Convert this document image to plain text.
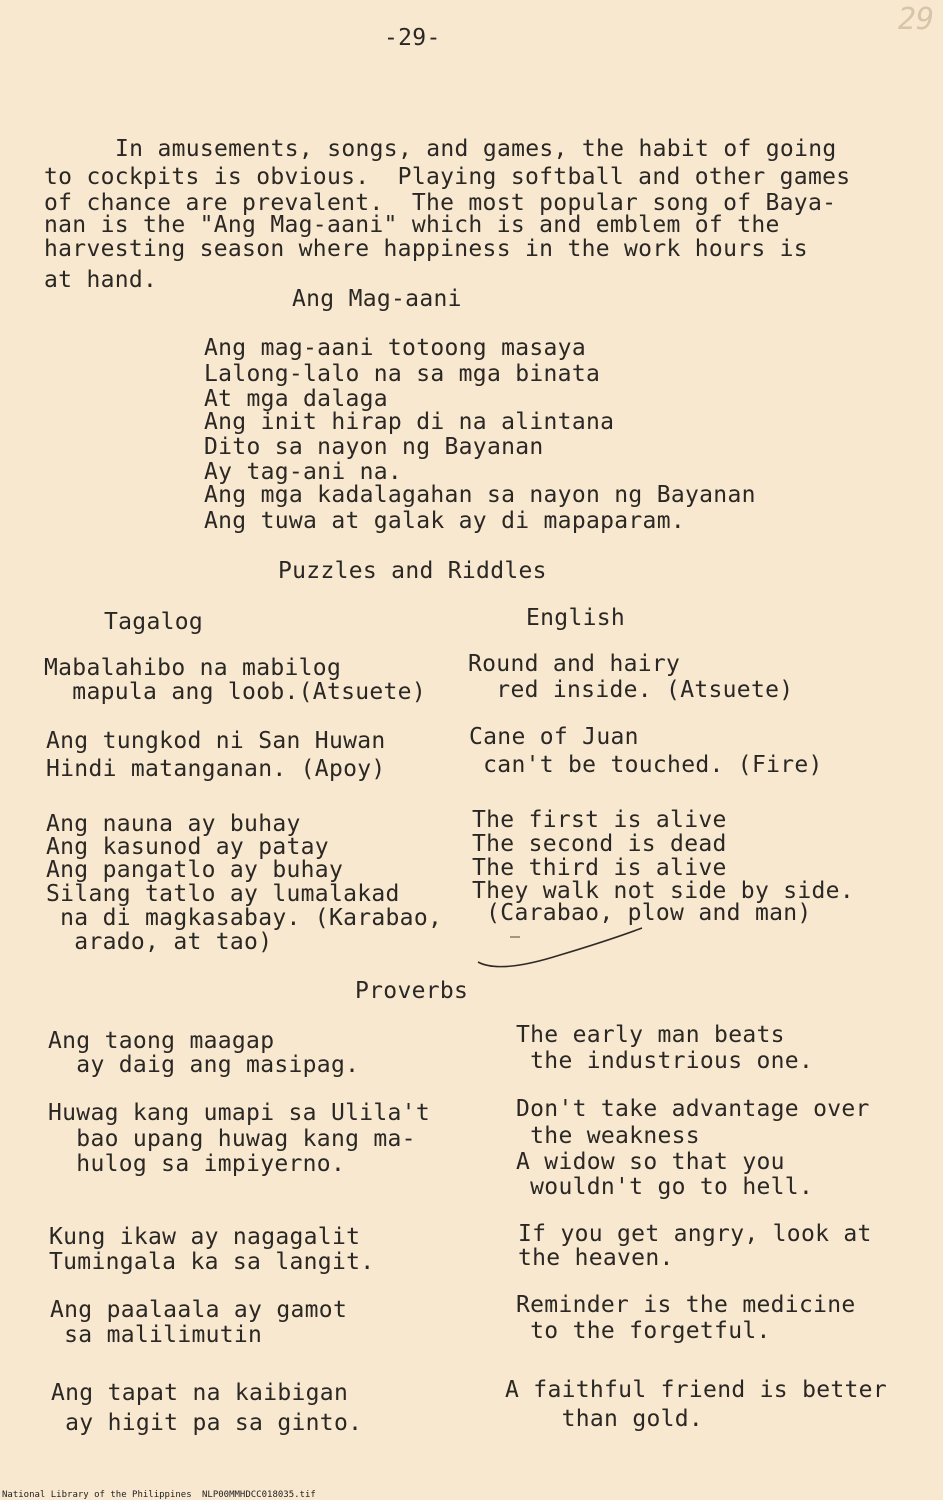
-29-
29
In amusements, songs, and games, the habit of going
to cockpits is obvious.  Playing softball and other games
of chance are prevalent.  The most popular song of Baya-
nan is the "Ang Mag-aani" which is and emblem of the
harvesting season where happiness in the work hours is
at hand.
Ang Mag-aani
Ang mag-aani totoong masaya
Lalong-lalo na sa mga binata
At mga dalaga
Ang init hirap di na alintana
Dito sa nayon ng Bayanan
Ay tag-ani na.
Ang mga kadalagahan sa nayon ng Bayanan
Ang tuwa at galak ay di mapaparam.
Puzzles and Riddles
Tagalog	English
Mabalahibo na mabilog
mapula ang loob.(Atsuete)
Round and hairy
red inside. (Atsuete)
Ang tungkod ni San Huwan
Hindi matanganan. (Apoy)
Cane of Juan
can't be touched. (Fire)
Ang nauna ay buhay
Ang kasunod ay patay
Ang pangatlo ay buhay
Silang tatlo ay lumalakad
na di magkasabay. (Karabao,
arado, at tao)
The first is alive
The second is dead
The third is alive
They walk not side by side.
(Carabao, plow and man)
Proverbs
Ang taong maagap
ay daig ang masipag.
The early man beats
the industrious one.
Huwag kang umapi sa Ulila't
bao upang huwag kang ma-
hulog sa impiyerno.
Don't take advantage over
the weakness
A widow so that you
wouldn't go to hell.
Kung ikaw ay nagagalit
Tumingala ka sa langit.
If you get angry, look at
the heaven.
Ang paalaala ay gamot
sa malilimutin
Reminder is the medicine
to the forgetful.
Ang tapat na kaibigan
ay higit pa sa ginto.
A faithful friend is better
than gold.
National Library of the Philippines NLP00MMHDCC018035.tif
